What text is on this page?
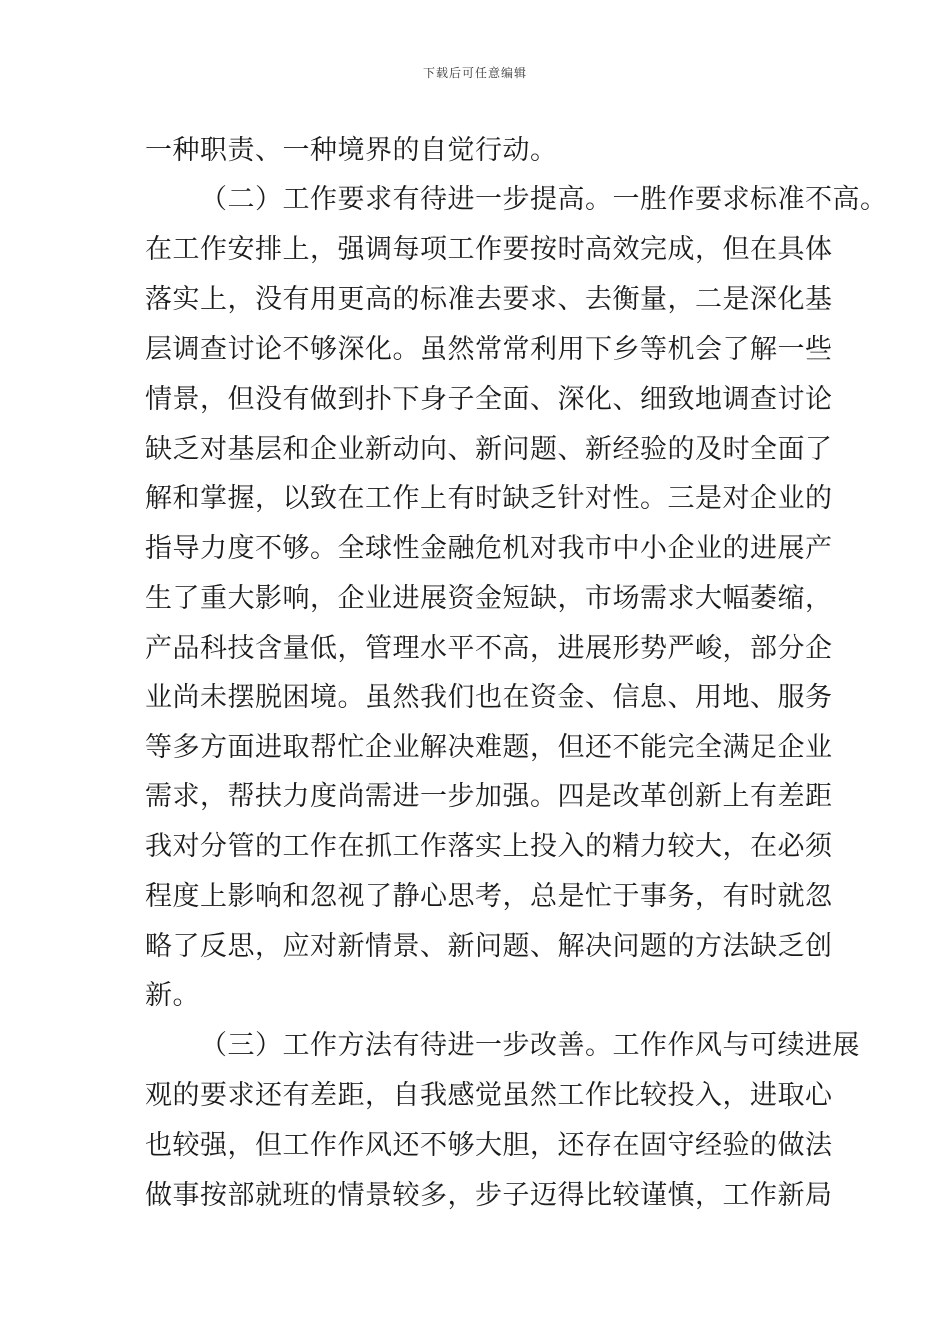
下载后可任意编辑
一种职责、一种境界的自觉行动。
（二）工作要求有待进一步提高。一胜作要求标准不高。
在工作安排上，强调每项工作要按时高效完成，但在具体
落实上，没有用更高的标准去要求、去衡量，二是深化基
层调查讨论不够深化。虽然常常利用下乡等机会了解一些
情景，但没有做到扑下身子全面、深化、细致地调查讨论
缺乏对基层和企业新动向、新问题、新经验的及时全面了
解和掌握，以致在工作上有时缺乏针对性。三是对企业的
指导力度不够。全球性金融危机对我市中小企业的进展产
生了重大影响，企业进展资金短缺，市场需求大幅萎缩，
产品科技含量低，管理水平不高，进展形势严峻，部分企
业尚未摆脱困境。虽然我们也在资金、信息、用地、服务
等多方面进取帮忙企业解决难题，但还不能完全满足企业
需求，帮扶力度尚需进一步加强。四是改革创新上有差距
我对分管的工作在抓工作落实上投入的精力较大，在必须
程度上影响和忽视了静心思考，总是忙于事务，有时就忽
略了反思，应对新情景、新问题、解决问题的方法缺乏创
新。
（三）工作方法有待进一步改善。工作作风与可续进展
观的要求还有差距，自我感觉虽然工作比较投入，进取心
也较强，但工作作风还不够大胆，还存在固守经验的做法
做事按部就班的情景较多，步子迈得比较谨慎，工作新局
